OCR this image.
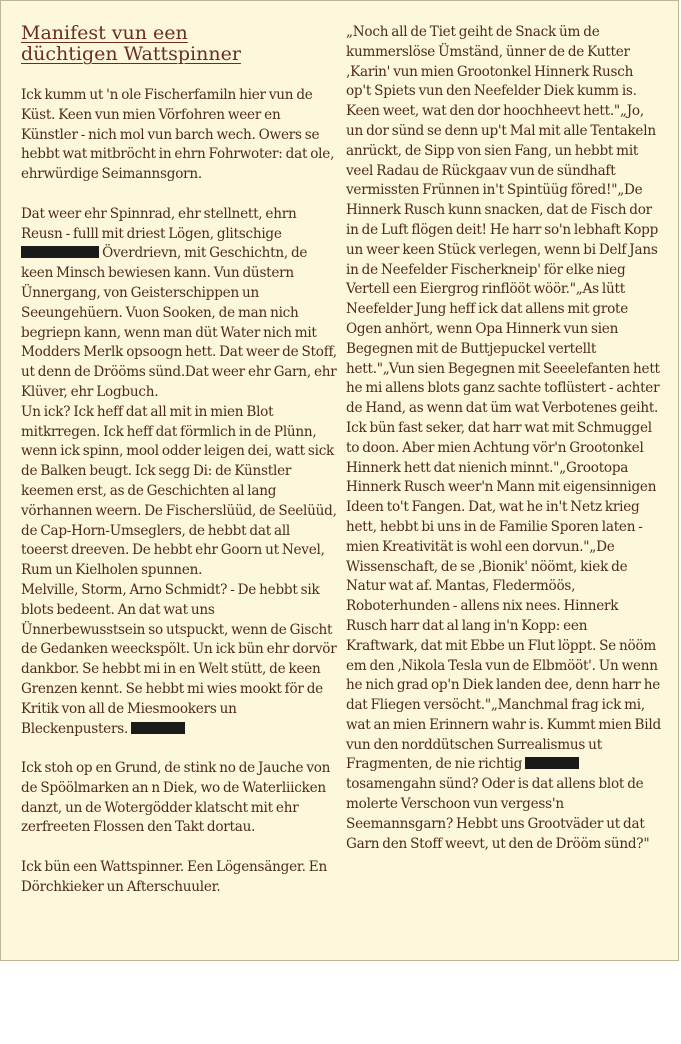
Manifest vun een
düchtigen Wattspinner

Ick kumm ut 'n ole Fischerfamiln hier vun de Küst. Keen vun mien Vörfohren weer en Künstler - nich mol vun barch wech. Owers se hebbt wat mitbröcht in ehrn Fohrwoter: dat ole, ehrwürdige Seimannsgorn.

Dat weer ehr Spinnrad, ehr stellnett, ehrn Reusn - fulll mit driest Lögen, glitschige  Överdrievn, mit Geschichtn, de keen Minsch bewiesen kann. Vun düstern Ünnergang, von Geisterschippen un Seeungehüern. Vuon Sooken, de man nich begriepn kann, wenn man düt Water nich mit Modders Merlk opsoogn hett. Dat weer de Stoff, ut denn de Drööms sünd.Dat weer ehr Garn, ehr Klüver, ehr Logbuch.

Un ick? Ick heff dat all mit in mien Blot mitkrregen. Ick heff dat förmlich in de Plünn, wenn ick spinn, mool odder leigen dei, watt sick de Balken beugt. Ick segg Di: de Künstler keemen erst, as de Geschichten al lang vörhannen weern. De Fischerslüüd, de Seelüüd, de Cap-Horn-Umseglers, de hebbt dat all toeerst dreeven. De hebbt ehr Goorn ut Nevel, Rum un Kielholen spunnen.

Melville, Storm, Arno Schmidt? - De hebbt sik blots bedeent. An dat wat uns Ünnerbewusstsein so utspuckt, wenn de Gischt de Gedanken weeckspölt. Un ick bün ehr dorvör dankbor. Se hebbt mi in en Welt stütt, de keen Grenzen kennt. Se hebbt mi wies mookt för de Kritik von all de Miesmookers un Bleckenpusters.

Ick stoh op en Grund, de stink no de Jauche von de Spöölmarken an n Diek, wo de Waterliicken danzt, un de Wotergödder klatscht mit ehr zerfreeten Flossen den Takt dortau.

Ick bün een Wattspinner. Een Lögensänger. En Dörchkieker un Afterschuuler.

„Noch all de Tiet geiht de Snack üm de kummerslöse Ümständ, ünner de de Kutter ‚Karin' vun mien Grootonkel Hinnerk Rusch op't Spiets vun den Neefelder Diek kumm is. Keen weet, wat den dor hoochheevt hett."„Jo, un dor sünd se denn up't Mal mit alle Tentakeln anrückt, de Sipp von sien Fang, un hebbt mit veel Radau de Rückgaav vun de sündhaft vermissten Frünnen in't Spintüüg föred!"„De Hinnerk Rusch kunn snacken, dat de Fisch dor in de Luft flögen deit! He harr so'n lebhaft Kopp un weer keen Stück verlegen, wenn bi Delf Jans in de Neefelder Fischerkneip' för elke nieg Vertell een Eiergrog rinflööt wöör."„As lütt Neefelder Jung heff ick dat allens mit grote Ogen anhört, wenn Opa Hinnerk vun sien Begegnen mit de Buttjepuckel vertellt hett."„Vun sien Begegnen mit Seeelefanten hett he mi allens blots ganz sachte toflüstert - achter de Hand, as wenn dat üm wat Verbotenes geiht. Ick bün fast seker, dat harr wat mit Schmuggel to doon. Aber mien Achtung vör'n Grootonkel Hinnerk hett dat nienich minnt."„Grootopa Hinnerk Rusch weer'n Mann mit eigensinnigen Ideen to't Fangen. Dat, wat he in't Netz krieg hett, hebbt bi uns in de Familie Sporen laten - mien Kreativität is wohl een dorvun."„De Wissenschaft, de se ‚Bionik' nöömt, kiek de Natur wat af. Mantas, Fledermöös, Roboterhunden - allens nix nees. Hinnerk Rusch harr dat al lang in'n Kopp: een Kraftwark, dat mit Ebbe un Flut löppt. Se nööm em den ‚Nikola Tesla vun de Elbmööt'. Un wenn he nich grad op'n Diek landen dee, denn harr he dat Fliegen versöcht."„Manchmal frag ick mi, wat an mien Erinnern wahr is. Kummt mien Bild vun den norddütschen Surrealismus ut Fragmenten, de nie richtig  tosamengahn sünd? Oder is dat allens blot de molerte Verschoon vun vergess'n Seemannsgarn? Hebbt uns Grootväder ut dat Garn den Stoff weevt, ut den de Drööm sünd?"
